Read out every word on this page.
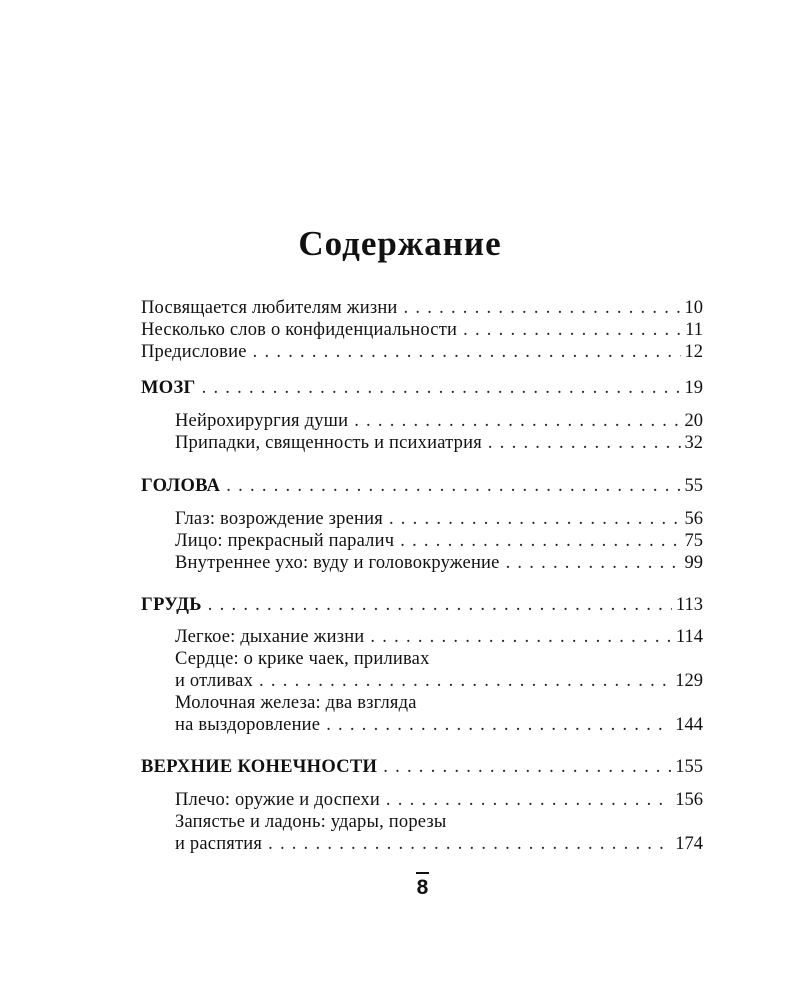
Содержание
Посвящается любителям жизни . . .	10
Несколько слов о конфиденциальности . . .	11
Предисловие . . .	12
МОЗГ . . .	19
Нейрохирургия души . . .	20
Припадки, священность и психиатрия . . .	32
ГОЛОВА . . .	55
Глаз: возрождение зрения . . .	56
Лицо: прекрасный паралич . . .	75
Внутреннее ухо: вуду и головокружение . . .	99
ГРУДЬ . . .	113
Легкое: дыхание жизни . . .	114
Сердце: о крике чаек, приливах
и отливах . . .	129
Молочная железа: два взгляда
на выздоровление . . .	144
ВЕРХНИЕ КОНЕЧНОСТИ . . .	155
Плечо: оружие и доспехи . . .	156
Запястье и ладонь: удары, порезы
и распятия . . .	174
8
